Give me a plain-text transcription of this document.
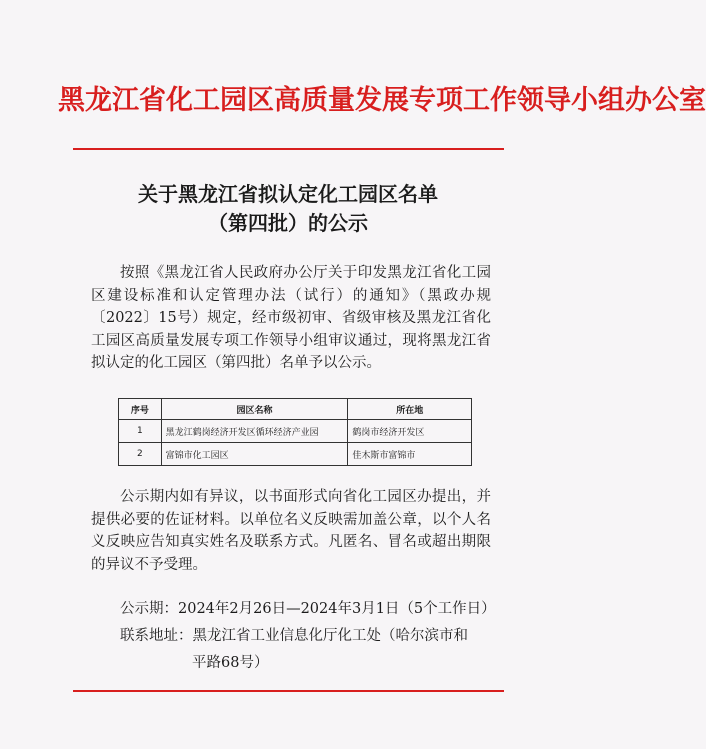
黑龙江省化工园区高质量发展专项工作领导小组办公室
关于黑龙江省拟认定化工园区名单
（第四批）的公示
按照《黑龙江省人民政府办公厅关于印发黑龙江省化工园区建设标准和认定管理办法（试行）的通知》（黑政办规〔2022〕15号）规定，经市级初审、省级审核及黑龙江省化工园区高质量发展专项工作领导小组审议通过，现将黑龙江省拟认定的化工园区（第四批）名单予以公示。
序号	园区名称	所在地
1	黑龙江鹤岗经济开发区循环经济产业园	鹤岗市经济开发区
2	富锦市化工园区	佳木斯市富锦市
公示期内如有异议，以书面形式向省化工园区办提出，并提供必要的佐证材料。以单位名义反映需加盖公章，以个人名义反映应告知真实姓名及联系方式。凡匿名、冒名或超出期限的异议不予受理。
公示期：2024年2月26日—2024年3月1日（5个工作日）
联系地址：黑龙江省工业信息化厅化工处（哈尔滨市和
平路68号）
